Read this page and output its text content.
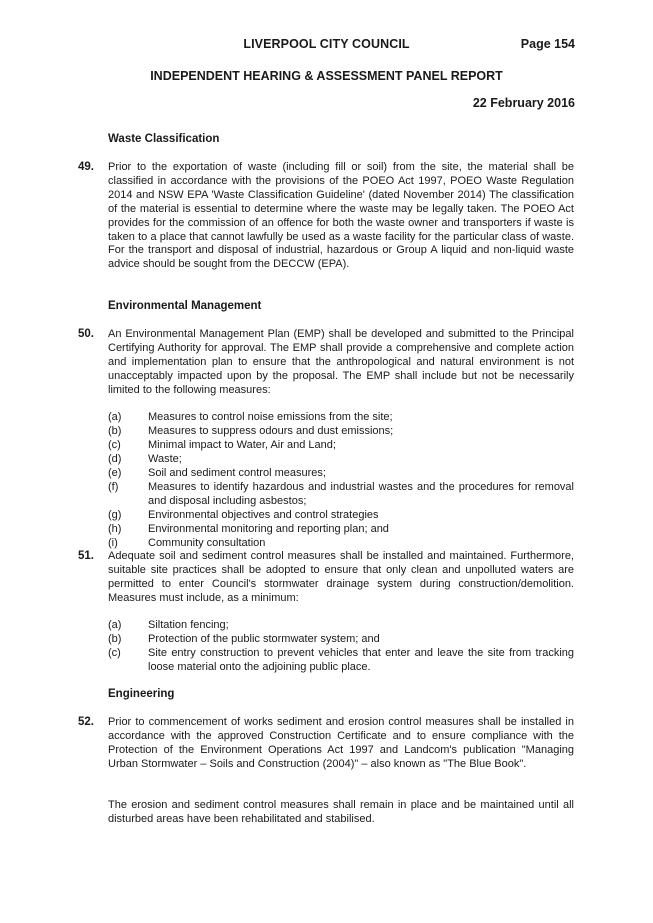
LIVERPOOL CITY COUNCIL	Page 154
INDEPENDENT HEARING & ASSESSMENT PANEL REPORT
22 February 2016
Waste Classification
49. Prior to the exportation of waste (including fill or soil) from the site, the material shall be classified in accordance with the provisions of the POEO Act 1997, POEO Waste Regulation 2014 and NSW EPA 'Waste Classification Guideline' (dated November 2014) The classification of the material is essential to determine where the waste may be legally taken. The POEO Act provides for the commission of an offence for both the waste owner and transporters if waste is taken to a place that cannot lawfully be used as a waste facility for the particular class of waste. For the transport and disposal of industrial, hazardous or Group A liquid and non-liquid waste advice should be sought from the DECCW (EPA).
Environmental Management
50. An Environmental Management Plan (EMP) shall be developed and submitted to the Principal Certifying Authority for approval. The EMP shall provide a comprehensive and complete action and implementation plan to ensure that the anthropological and natural environment is not unacceptably impacted upon by the proposal. The EMP shall include but not be necessarily limited to the following measures:
(a)	Measures to control noise emissions from the site;
(b)	Measures to suppress odours and dust emissions;
(c)	Minimal impact to Water, Air and Land;
(d)	Waste;
(e)	Soil and sediment control measures;
(f)	Measures to identify hazardous and industrial wastes and the procedures for removal and disposal including asbestos;
(g)	Environmental objectives and control strategies
(h)	Environmental monitoring and reporting plan; and
(i)	Community consultation
51. Adequate soil and sediment control measures shall be installed and maintained. Furthermore, suitable site practices shall be adopted to ensure that only clean and unpolluted waters are permitted to enter Council's stormwater drainage system during construction/demolition. Measures must include, as a minimum:
(a)	Siltation fencing;
(b)	Protection of the public stormwater system; and
(c)	Site entry construction to prevent vehicles that enter and leave the site from tracking loose material onto the adjoining public place.
Engineering
52. Prior to commencement of works sediment and erosion control measures shall be installed in accordance with the approved Construction Certificate and to ensure compliance with the Protection of the Environment Operations Act 1997 and Landcom's publication "Managing Urban Stormwater – Soils and Construction (2004)" – also known as "The Blue Book".
The erosion and sediment control measures shall remain in place and be maintained until all disturbed areas have been rehabilitated and stabilised.
